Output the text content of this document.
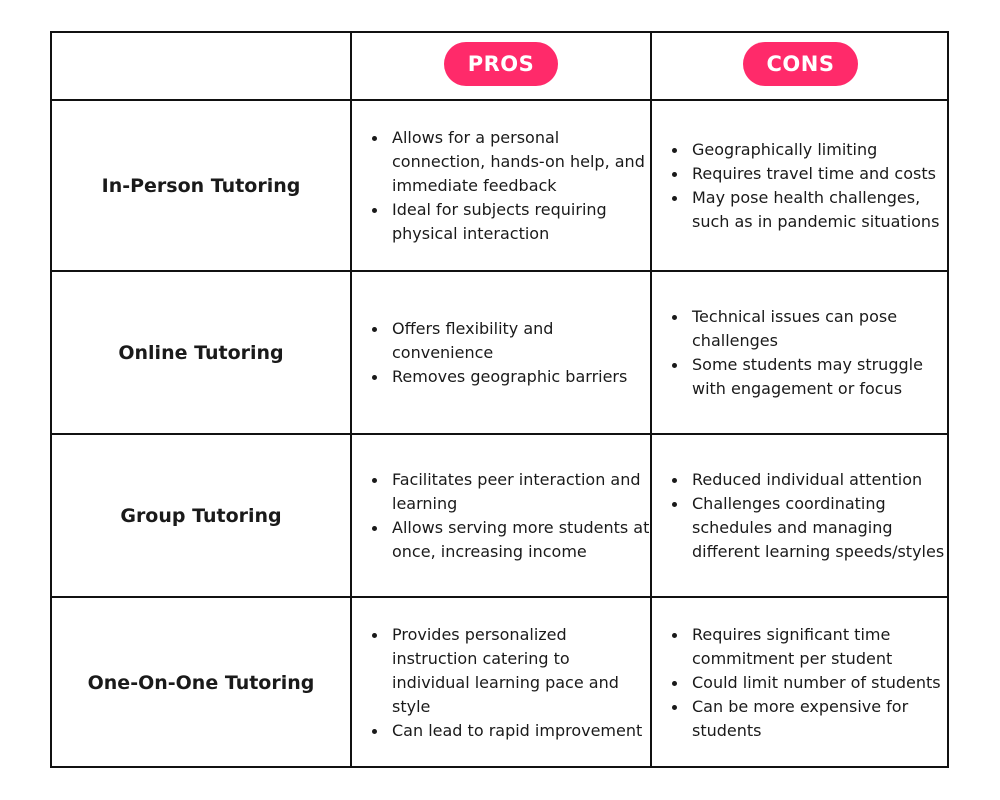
PROS	CONS
In-Person Tutoring
Allows for a personal connection, hands-on help, and immediate feedback
Ideal for subjects requiring physical interaction
Geographically limiting
Requires travel time and costs
May pose health challenges, such as in pandemic situations
Online Tutoring
Offers flexibility and convenience
Removes geographic barriers
Technical issues can pose challenges
Some students may struggle with engagement or focus
Group Tutoring
Facilitates peer interaction and learning
Allows serving more students at once, increasing income
Reduced individual attention
Challenges coordinating schedules and managing different learning speeds/styles
One-On-One Tutoring
Provides personalized instruction catering to individual learning pace and style
Can lead to rapid improvement
Requires significant time commitment per student
Could limit number of students
Can be more expensive for students
